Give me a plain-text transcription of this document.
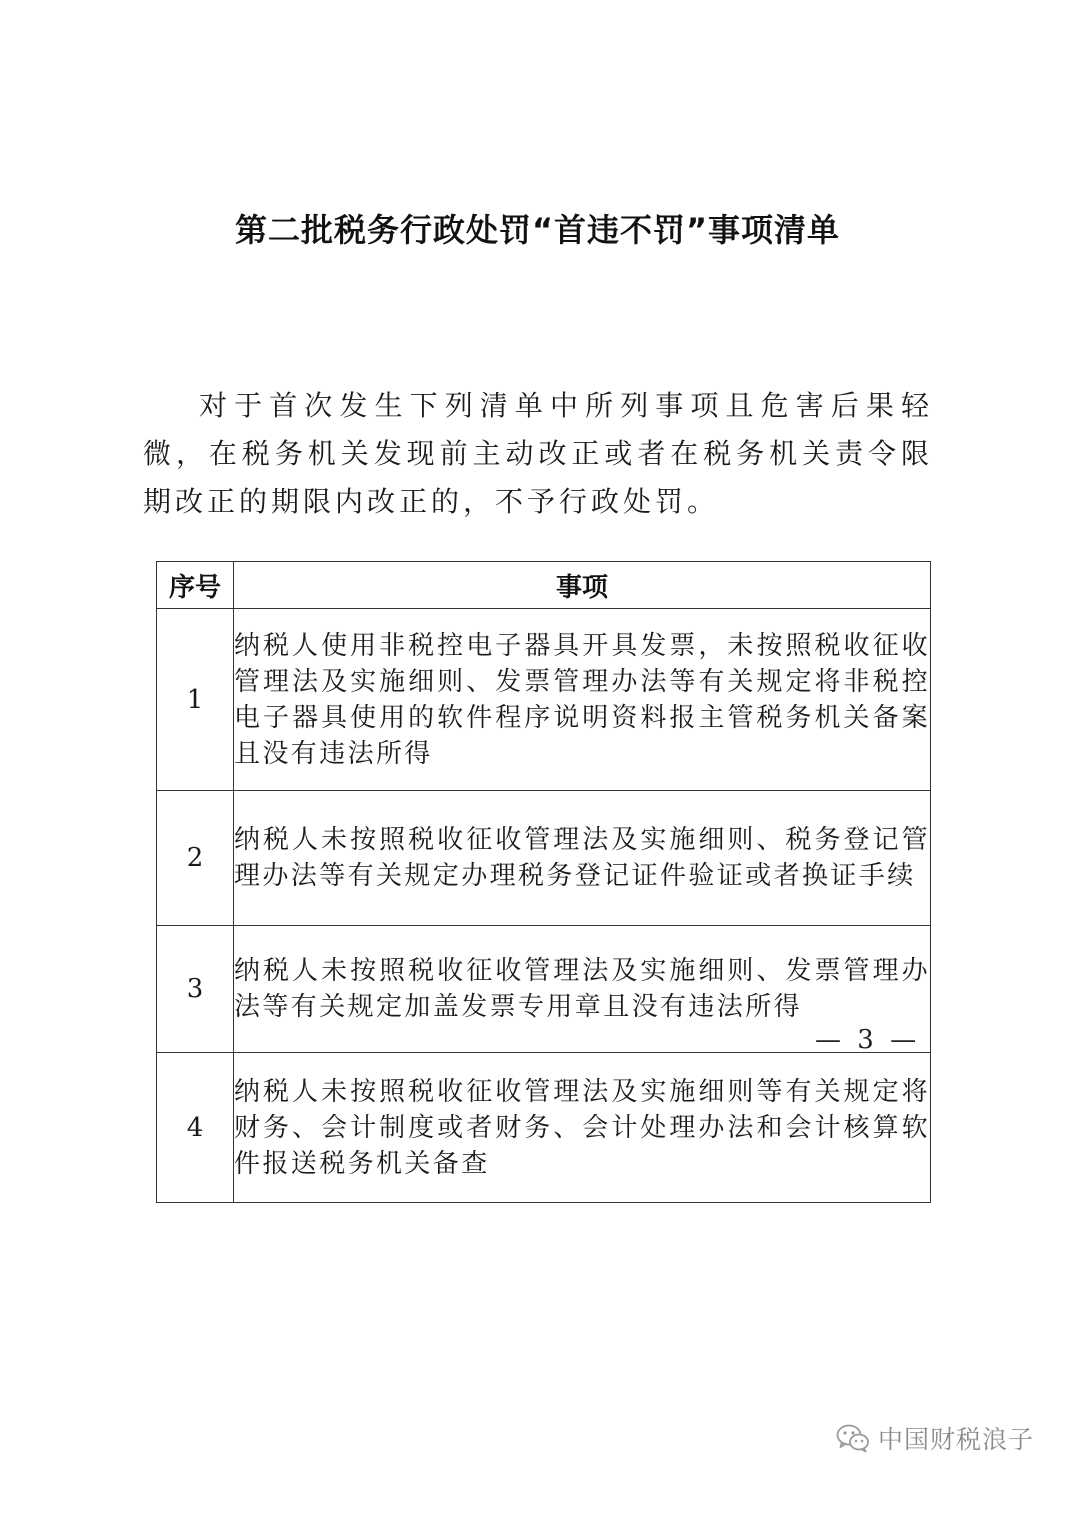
第二批税务行政处罚“首违不罚”事项清单

对于首次发生下列清单中所列事项且危害后果轻微，在税务机关发现前主动改正或者在税务机关责令限期改正的期限内改正的，不予行政处罚。

序号	事项
1	纳税人使用非税控电子器具开具发票，未按照税收征收管理法及实施细则、发票管理办法等有关规定将非税控电子器具使用的软件程序说明资料报主管税务机关备案且没有违法所得
2	纳税人未按照税收征收管理法及实施细则、税务登记管理办法等有关规定办理税务登记证件验证或者换证手续
3	纳税人未按照税收征收管理法及实施细则、发票管理办法等有关规定加盖发票专用章且没有违法所得
4	纳税人未按照税收征收管理法及实施细则等有关规定将财务、会计制度或者财务、会计处理办法和会计核算软件报送税务机关备查
— 3 —
中国财税浪子
